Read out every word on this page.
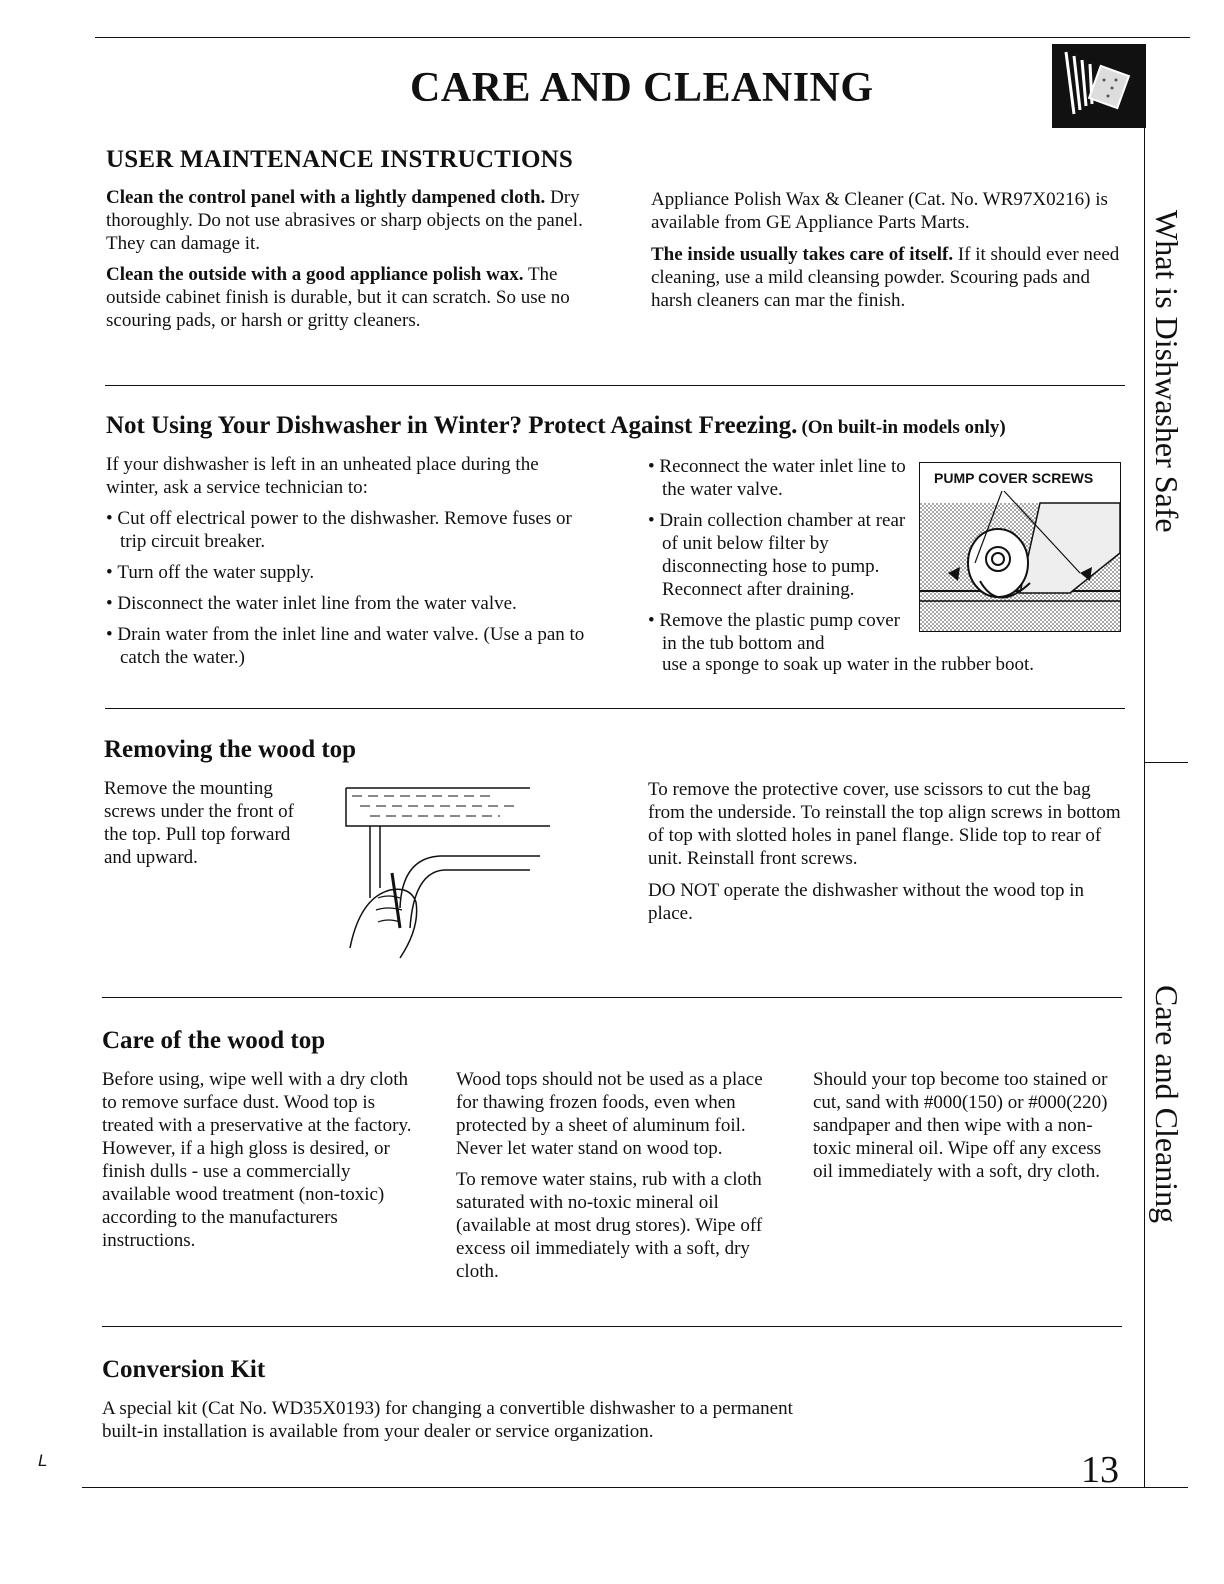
CARE AND CLEANING
What is Dishwasher Safe
Care and Cleaning
USER MAINTENANCE INSTRUCTIONS

Clean the control panel with a lightly dampened cloth. Dry thoroughly. Do not use abrasives or sharp objects on the panel. They can damage it.

Clean the outside with a good appliance polish wax. The outside cabinet finish is durable, but it can scratch. So use no scouring pads, or harsh or gritty cleaners.

Appliance Polish Wax & Cleaner (Cat. No. WR97X0216) is available from GE Appliance Parts Marts.

The inside usually takes care of itself. If it should ever need cleaning, use a mild cleansing powder. Scouring pads and harsh cleaners can mar the finish.

Not Using Your Dishwasher in Winter? Protect Against Freezing. (On built-in models only)

If your dishwasher is left in an unheated place during the winter, ask a service technician to:

• Cut off electrical power to the dishwasher. Remove fuses or trip circuit breaker.
• Turn off the water supply.
• Disconnect the water inlet line from the water valve.
• Drain water from the inlet line and water valve. (Use a pan to catch the water.)
• Reconnect the water inlet line to the water valve.
• Drain collection chamber at rear of unit below filter by disconnecting hose to pump. Reconnect after draining.
• Remove the plastic pump cover in the tub bottom and
use a sponge to soak up water in the rubber boot.
PUMP COVER SCREWS
Removing the wood top
Remove the mounting screws under the front of the top. Pull top forward and upward.

To remove the protective cover, use scissors to cut the bag from the underside. To reinstall the top align screws in bottom of top with slotted holes in panel flange. Slide top to rear of unit. Reinstall front screws.

DO NOT operate the dishwasher without the wood top in place.

Care of the wood top
Before using, wipe well with a dry cloth to remove surface dust. Wood top is treated with a preservative at the factory. However, if a high gloss is desired, or finish dulls - use a commercially available wood treatment (non-toxic) according to the manufacturers instructions.

Wood tops should not be used as a place for thawing frozen foods, even when protected by a sheet of aluminum foil. Never let water stand on wood top.

To remove water stains, rub with a cloth saturated with no-toxic mineral oil (available at most drug stores). Wipe off excess oil immediately with a soft, dry cloth.

Should your top become too stained or cut, sand with #000(150) or #000(220) sandpaper and then wipe with a non-toxic mineral oil. Wipe off any excess oil immediately with a soft, dry cloth.
Conversion Kit
A special kit (Cat No. WD35X0193) for changing a convertible dishwasher to a permanent built-in installation is available from your dealer or service organization.
L	13
